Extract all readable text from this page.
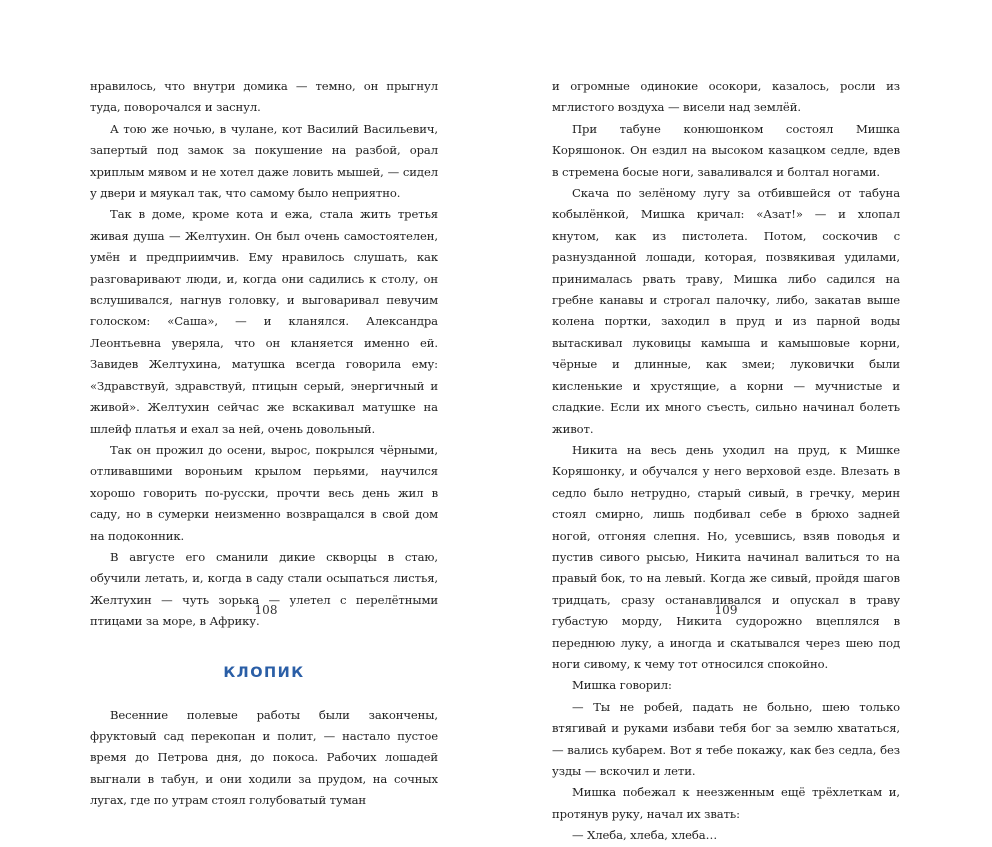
нравилось, что внутри домика — темно, он прыгнул туда, поворочался и заснул.

А тою же ночью, в чулане, кот Василий Васильевич, запертый под замок за покушение на разбой, орал хриплым мявом и не хотел даже ловить мышей, — сидел у двери и мяукал так, что самому было неприятно.

Так в доме, кроме кота и ежа, стала жить третья живая душа — Желтухин. Он был очень самостоятелен, умён и предприимчив. Ему нравилось слушать, как разговаривают люди, и, когда они садились к столу, он вслушивался, нагнув головку, и выговаривал певучим голоском: «Саша», — и кланялся. Александра Леонтьевна уверяла, что он кланяется именно ей. Завидев Желтухина, матушка всегда говорила ему: «Здравствуй, здравствуй, птицын серый, энергичный и живой». Желтухин сейчас же вскакивал матушке на шлейф платья и ехал за ней, очень довольный.

Так он прожил до осени, вырос, покрылся чёрными, отливавшими вороньим крылом перьями, научился хорошо говорить по-русски, прочти весь день жил в саду, но в сумерки неизменно возвращался в свой дом на подоконник.

В августе его сманили дикие скворцы в стаю, обучили летать, и, когда в саду стали осыпаться листья, Желтухин — чуть зорька — улетел с перелётными птицами за море, в Африку.

КЛОПИК

Весенние полевые работы были закончены, фруктовый сад перекопан и полит, — настало пустое время до Петрова дня, до покоса. Рабочих лошадей выгнали в табун, и они ходили за прудом, на сочных лугах, где по утрам стоял голубоватый туман

108

и огромные одинокие осокори, казалось, росли из мглистого воздуха — висели над землёй.

При табуне конюшонком состоял Мишка Коряшонок. Он ездил на высоком казацком седле, вдев в стремена босые ноги, заваливался и болтал ногами.

Скача по зелёному лугу за отбившейся от табуна кобылёнкой, Мишка кричал: «Азат!» — и хлопал кнутом, как из пистолета. Потом, соскочив с разнузданной лошади, которая, позвякивая удилами, принималась рвать траву, Мишка либо садился на гребне канавы и строгал палочку, либо, закатав выше колена портки, заходил в пруд и из парной воды вытаскивал луковицы камыша и камышовые корни, чёрные и длинные, как змеи; луковички были кисленькие и хрустящие, а корни — мучнистые и сладкие. Если их много съесть, сильно начинал болеть живот.

Никита на весь день уходил на пруд, к Мишке Коряшонку, и обучался у него верховой езде. Влезать в седло было нетрудно, старый сивый, в гречку, мерин стоял смирно, лишь подбивал себе в брюхо задней ногой, отгоняя слепня. Но, усевшись, взяв поводья и пустив сивого рысью, Никита начинал валиться то на правый бок, то на левый. Когда же сивый, пройдя шагов тридцать, сразу останавливался и опускал в траву губастую морду, Никита судорожно вцеплялся в переднюю луку, а иногда и скатывался через шею под ноги сивому, к чему тот относился спокойно.

Мишка говорил:

— Ты не робей, падать не больно, шею только втягивай и руками избави тебя бог за землю хвататься, — вались кубарем. Вот я тебе покажу, как без седла, без узды — вскочил и лети.

Мишка побежал к неезженным ещё трёхлеткам и, протянув руку, начал их звать:

— Хлеба, хлеба, хлеба…

109
